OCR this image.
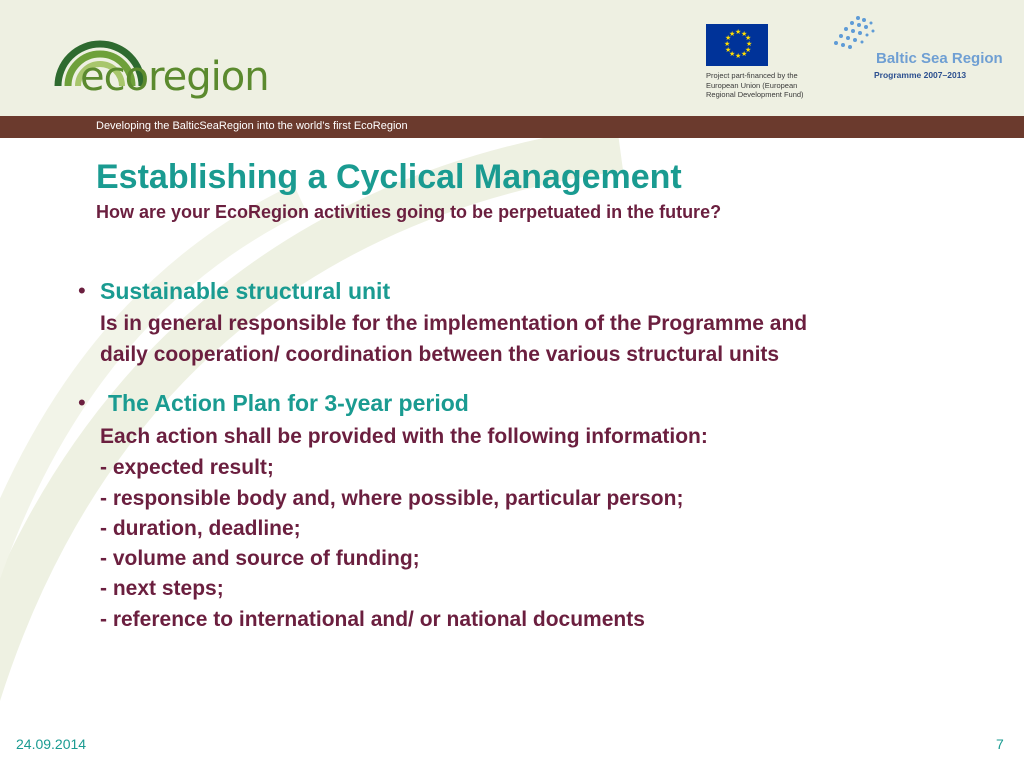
ecoregion
★ ★
★
★
★
★
★
★
★
★
★
★
Project part-financed by the
European Union (European
Regional Development Fund)
Baltic Sea Region
Programme 2007–2013
Developing the BalticSeaRegion into the world’s first EcoRegion
Establishing a Cyclical Management
How are your EcoRegion activities going to be perpetuated in the future?
• Sustainable structural unit
Is in general responsible for the implementation of the Programme and
daily cooperation/ coordination between the various structural units
• The Action Plan for 3-year period
Each action shall be provided with the following information:
- expected result;
- responsible body and, where possible, particular person;
- duration, deadline;
- volume and source of funding;
- next steps;
- reference to international and/ or national documents
24.09.2014	7
